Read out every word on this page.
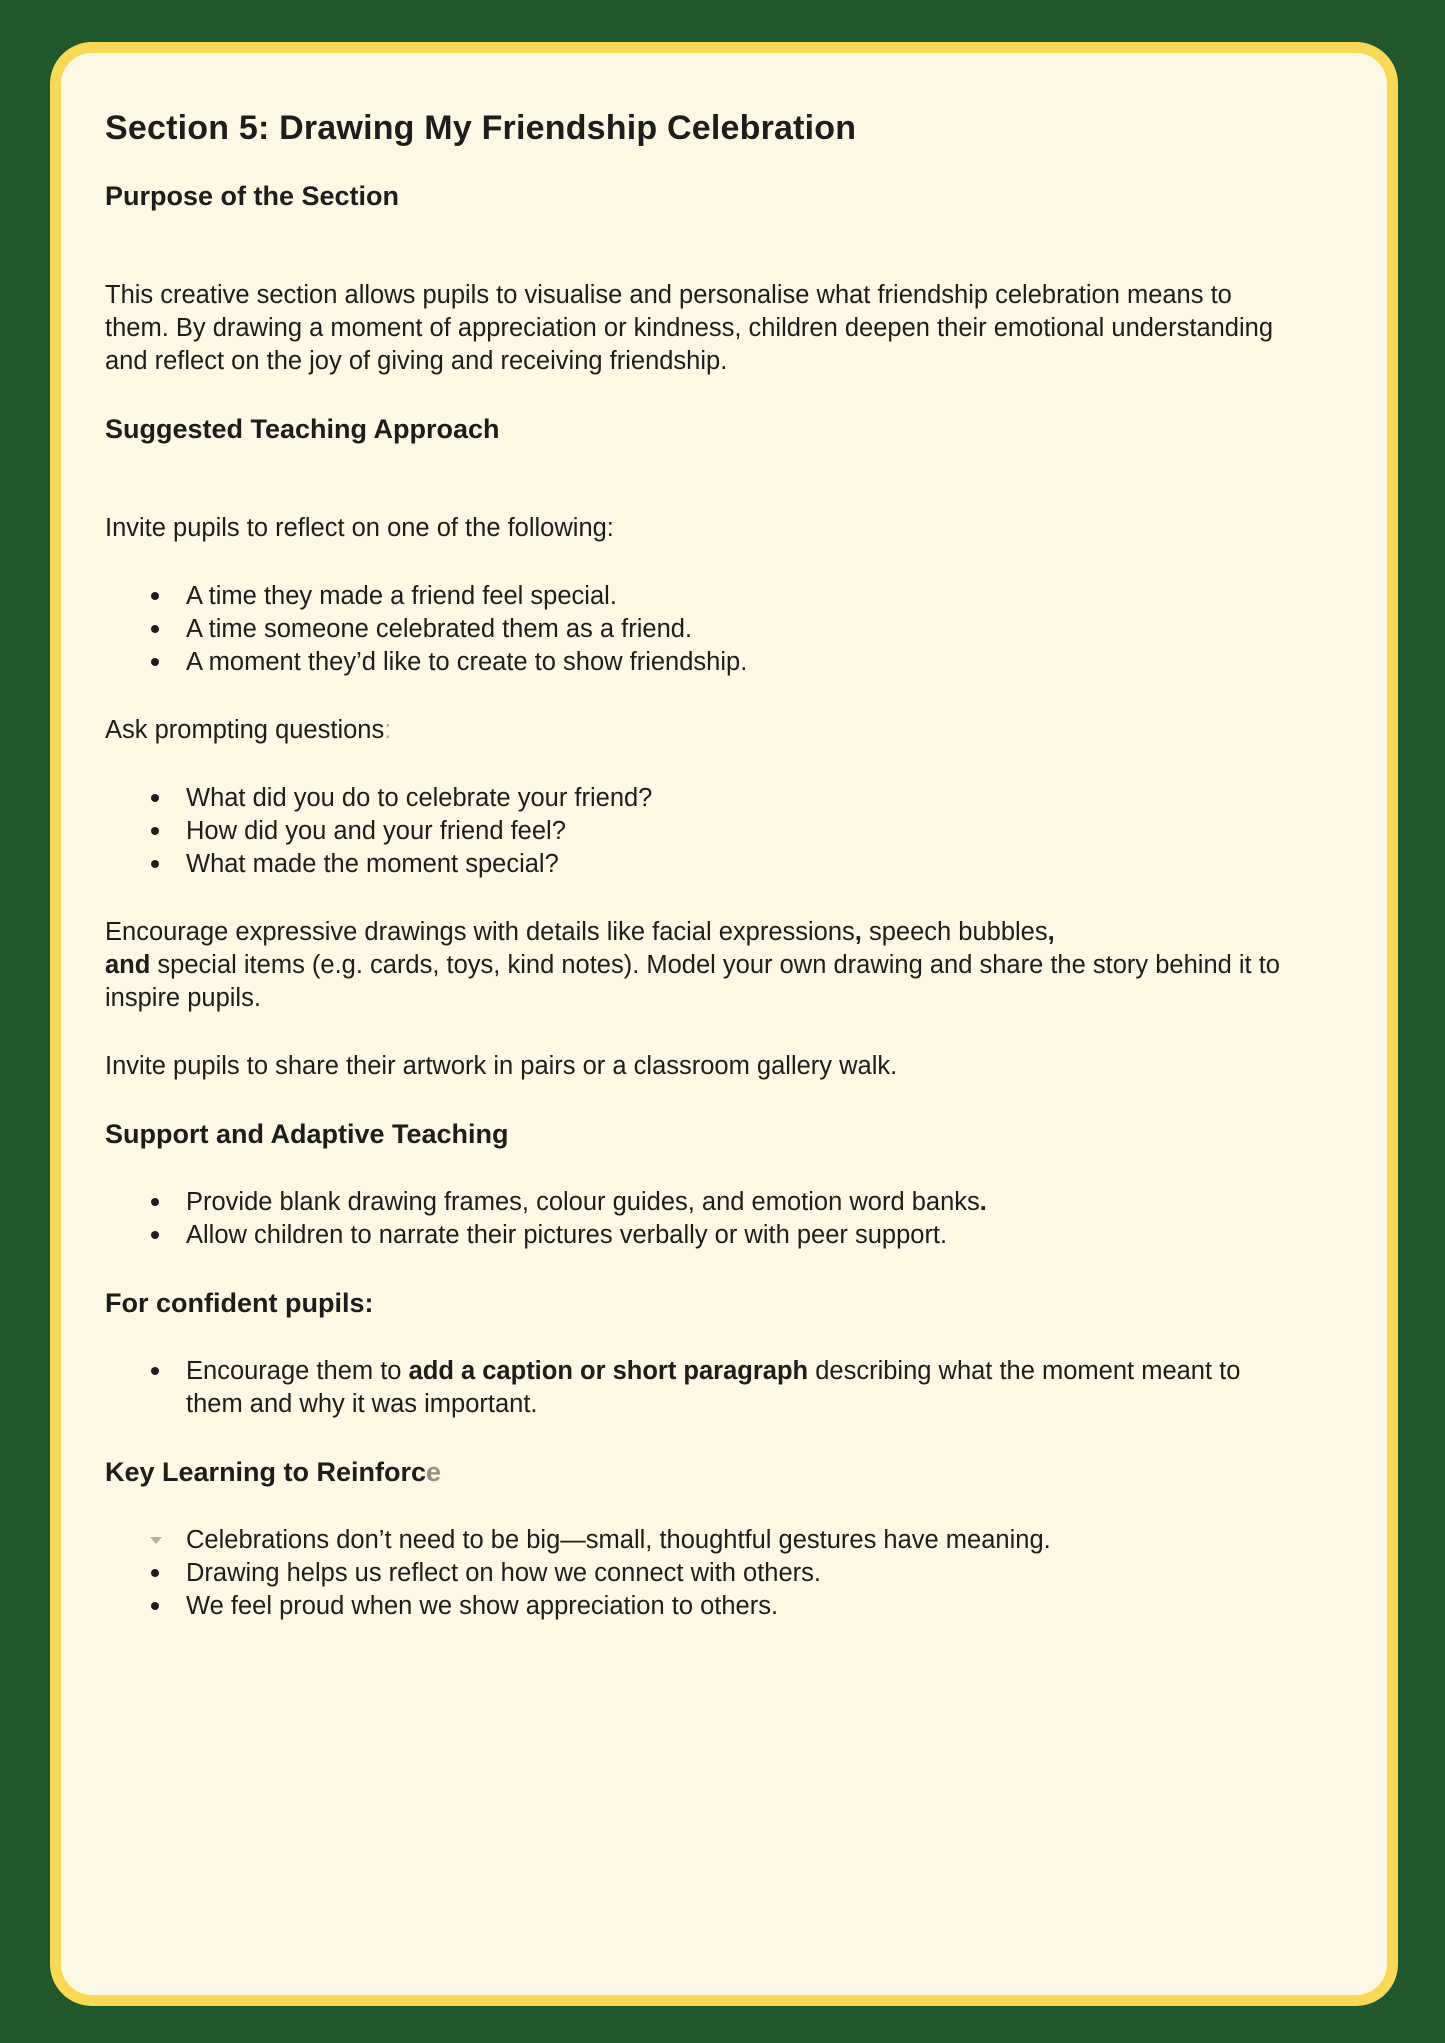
Section 5: Drawing My Friendship Celebration
Purpose of the Section

This creative section allows pupils to visualise and personalise what friendship celebration means to them. By drawing a moment of appreciation or kindness, children deepen their emotional understanding and reflect on the joy of giving and receiving friendship.

Suggested Teaching Approach

Invite pupils to reflect on one of the following:

A time they made a friend feel special.
A time someone celebrated them as a friend.
A moment they’d like to create to show friendship.

Ask prompting questions:

What did you do to celebrate your friend?
How did you and your friend feel?
What made the moment special?

Encourage expressive drawings with details like facial expressions, speech bubbles,
and special items (e.g. cards, toys, kind notes). Model your own drawing and share the story behind it to inspire pupils.

Invite pupils to share their artwork in pairs or a classroom gallery walk.

Support and Adaptive Teaching
Provide blank drawing frames, colour guides, and emotion word banks.
Allow children to narrate their pictures verbally or with peer support.
For confident pupils:
Encourage them to add a caption or short paragraph describing what the moment meant to them and why it was important.
Key Learning to Reinforce
Celebrations don’t need to be big—small, thoughtful gestures have meaning.
Drawing helps us reflect on how we connect with others.
We feel proud when we show appreciation to others.
